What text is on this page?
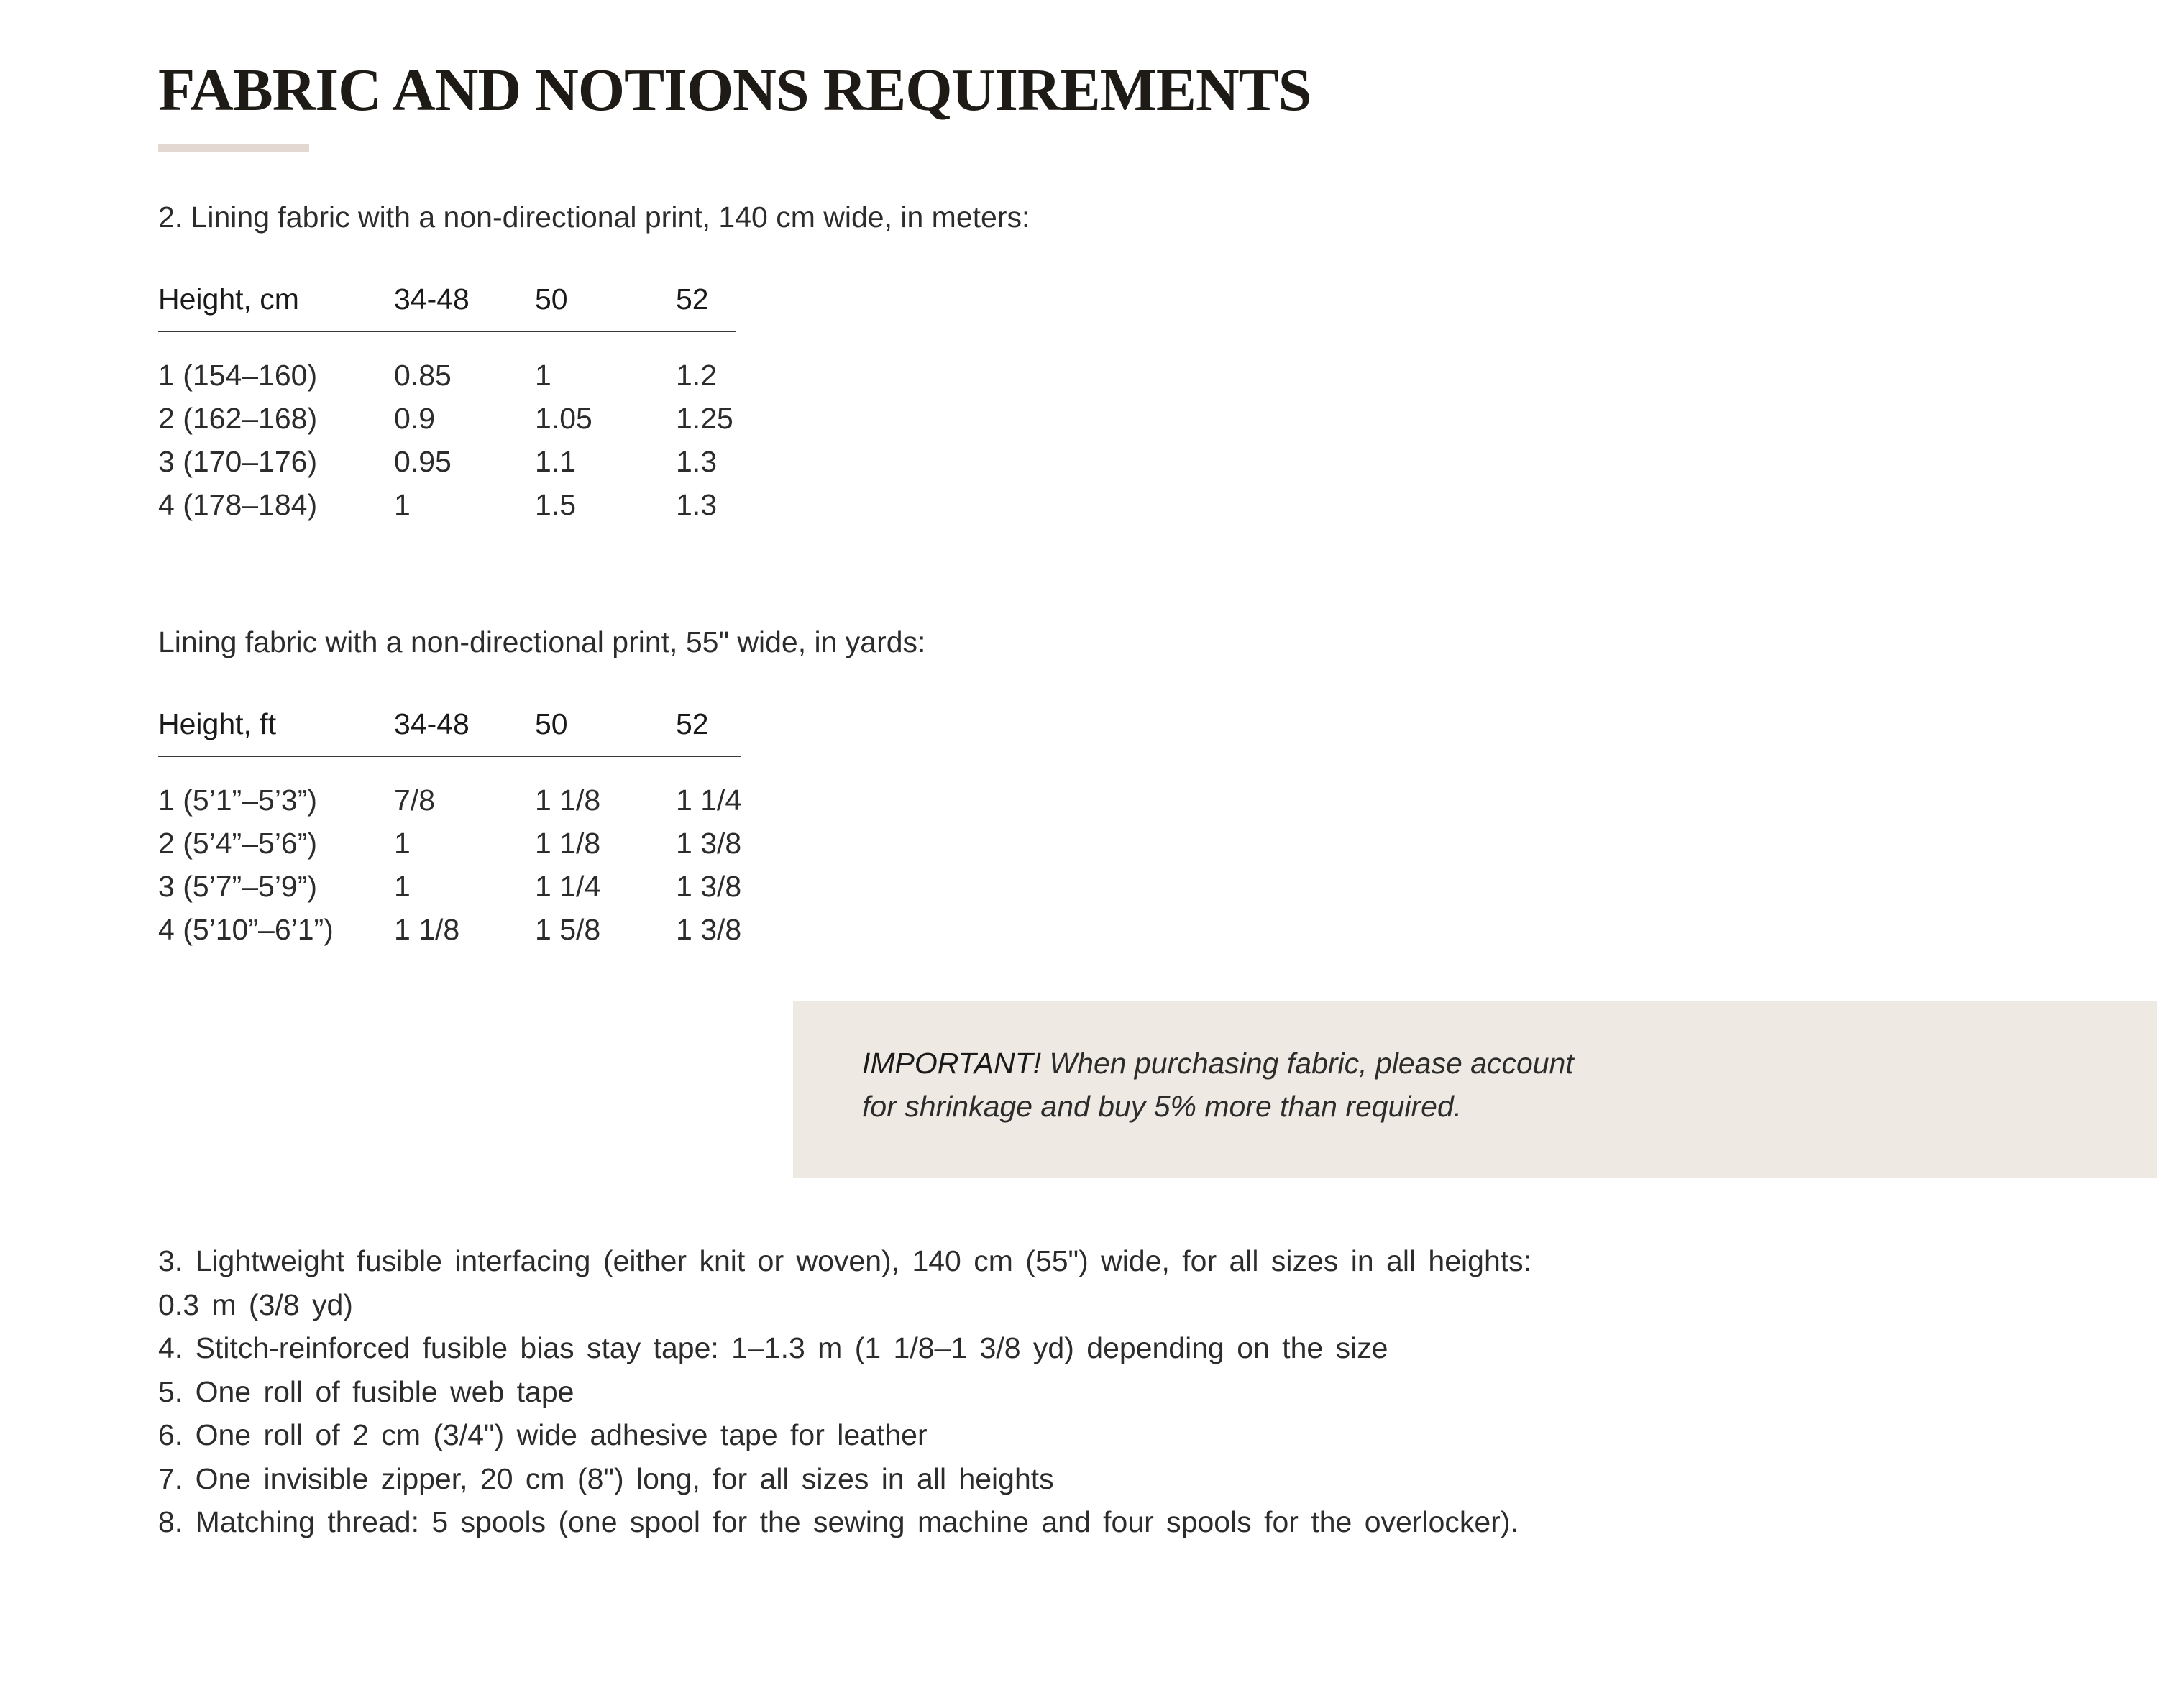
FABRIC AND NOTIONS REQUIREMENTS

2. Lining fabric with a non-directional print, 140 cm wide, in meters:

Height, cm	34-48	50	52
1 (154–160)	0.85	1	1.2
2 (162–168)	0.9	1.05	1.25
3 (170–176)	0.95	1.1	1.3
4 (178–184)	1	1.5	1.3

Lining fabric with a non-directional print, 55" wide, in yards:

Height, ft	34-48	50	52
1 (5’1”–5’3”)	7/8	1 1/8	1 1/4
2 (5’4”–5’6”)	1	1 1/8	1 3/8
3 (5’7”–5’9”)	1	1 1/4	1 3/8
4 (5’10”–6’1”)	1 1/8	1 5/8	1 3/8

IMPORTANT! When purchasing fabric, please account for shrinkage and buy 5% more than required.

3. Lightweight fusible interfacing (either knit or woven), 140 cm (55") wide, for all sizes in all heights:
0.3 m (3/8 yd)
4. Stitch-reinforced fusible bias stay tape: 1–1.3 m (1 1/8–1 3/8 yd) depending on the size
5. One roll of fusible web tape
6. One roll of 2 cm (3/4") wide adhesive tape for leather
7. One invisible zipper, 20 cm (8") long, for all sizes in all heights
8. Matching thread: 5 spools (one spool for the sewing machine and four spools for the overlocker).
